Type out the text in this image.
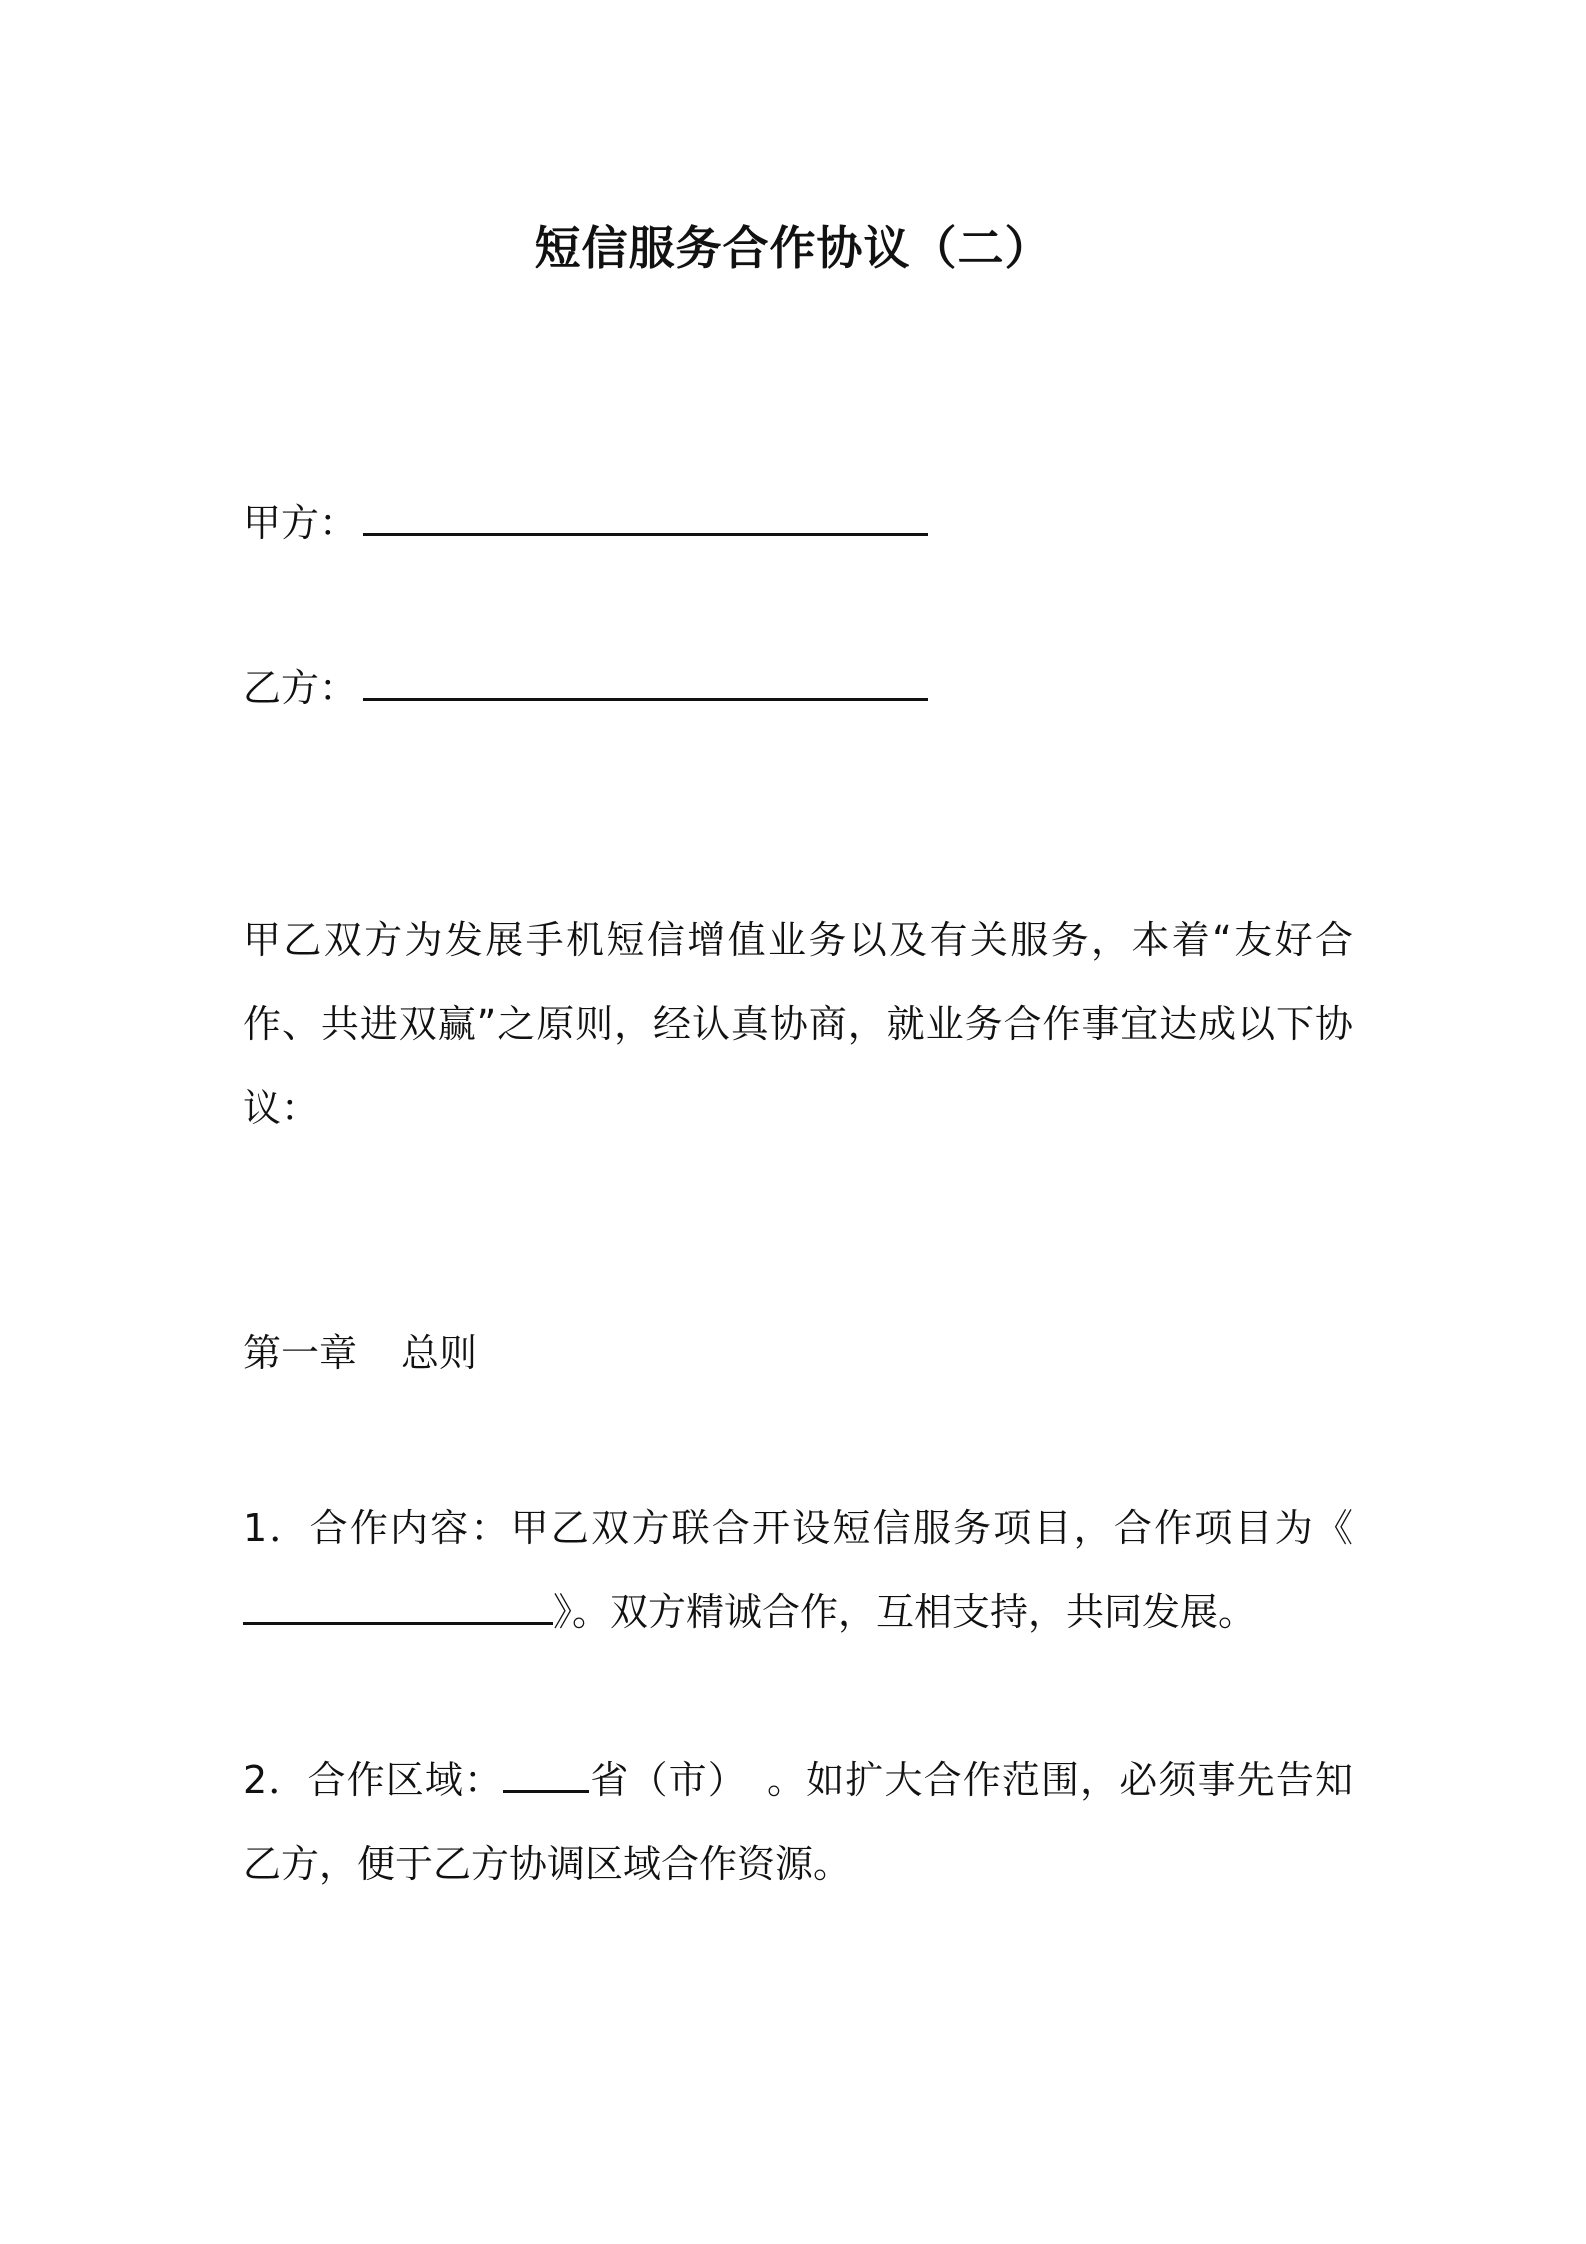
短信服务合作协议（二）
甲方：
乙方：
甲乙双方为发展手机短信增值业务以及有关服务，本着“友好合作、共进双赢”之原则，经认真协商，就业务合作事宜达成以下协议：
第一章 总则
1．合作内容：甲乙双方联合开设短信服务项目，合作项目为《》。双方精诚合作，互相支持，共同发展。
2．合作区域： 省（市）　。如扩大合作范围，必须事先告知乙方，便于乙方协调区域合作资源。
